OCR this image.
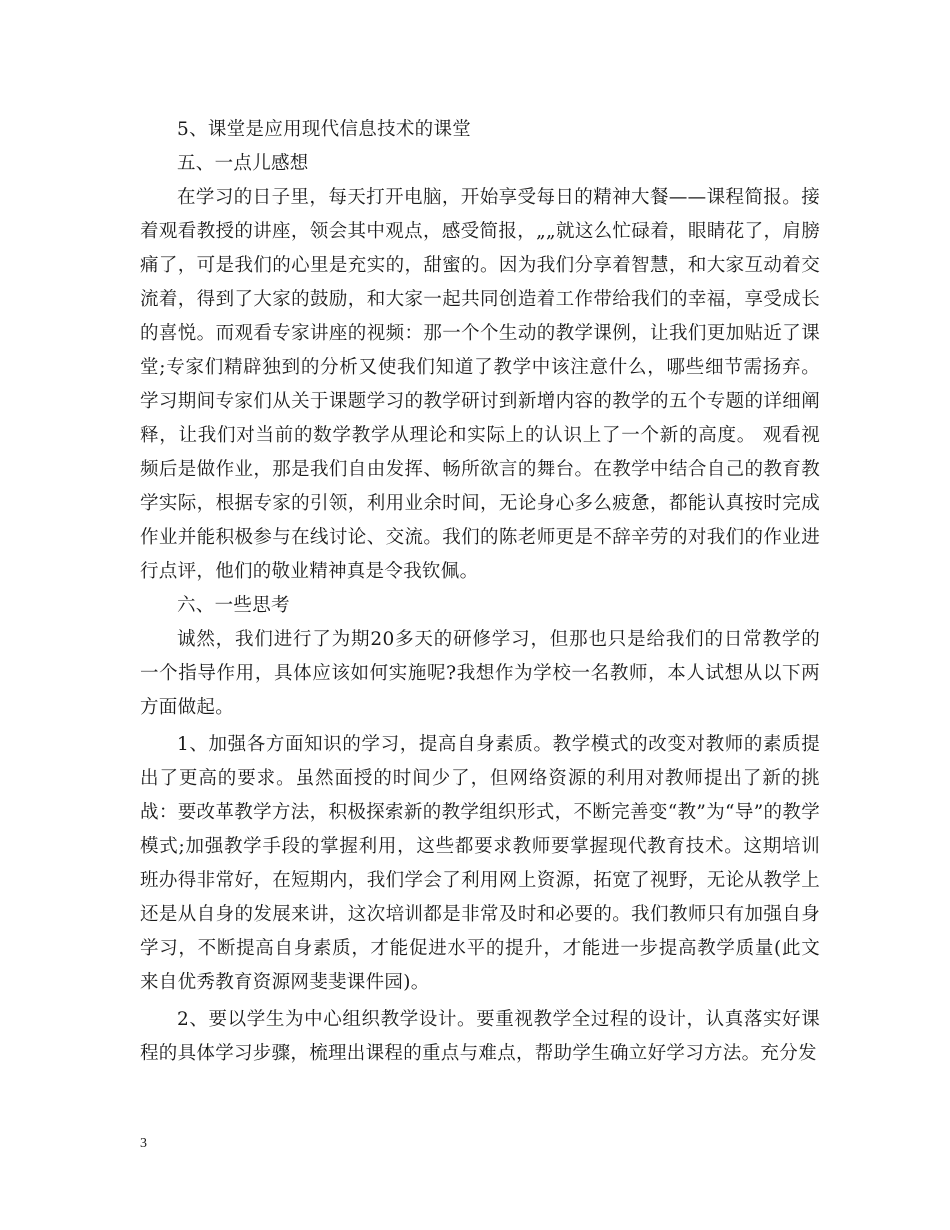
5、课堂是应用现代信息技术的课堂

五、一点儿感想

在学习的日子里，每天打开电脑，开始享受每日的精神大餐——课程简报。接着观看教授的讲座，领会其中观点，感受简报，„„就这么忙碌着，眼睛花了，肩膀痛了，可是我们的心里是充实的，甜蜜的。因为我们分享着智慧，和大家互动着交流着，得到了大家的鼓励，和大家一起共同创造着工作带给我们的幸福，享受成长的喜悦。而观看专家讲座的视频：那一个个生动的教学课例，让我们更加贴近了课堂;专家们精辟独到的分析又使我们知道了教学中该注意什么，哪些细节需扬弃。学习期间专家们从关于课题学习的教学研讨到新增内容的教学的五个专题的详细阐释，让我们对当前的数学教学从理论和实际上的认识上了一个新的高度。 观看视频后是做作业，那是我们自由发挥、畅所欲言的舞台。在教学中结合自己的教育教学实际，根据专家的引领，利用业余时间，无论身心多么疲惫，都能认真按时完成作业并能积极参与在线讨论、交流。我们的陈老师更是不辞辛劳的对我们的作业进行点评，他们的敬业精神真是令我钦佩。

六、一些思考

诚然，我们进行了为期20多天的研修学习，但那也只是给我们的日常教学的一个指导作用，具体应该如何实施呢?我想作为学校一名教师，本人试想从以下两方面做起。

1、加强各方面知识的学习，提高自身素质。教学模式的改变对教师的素质提出了更高的要求。虽然面授的时间少了，但网络资源的利用对教师提出了新的挑战：要改革教学方法，积极探索新的教学组织形式，不断完善变“教”为“导”的教学模式;加强教学手段的掌握利用，这些都要求教师要掌握现代教育技术。这期培训班办得非常好，在短期内，我们学会了利用网上资源，拓宽了视野，无论从教学上还是从自身的发展来讲，这次培训都是非常及时和必要的。我们教师只有加强自身学习，不断提高自身素质，才能促进水平的提升，才能进一步提高教学质量(此文来自优秀教育资源网斐斐课件园)。

2、要以学生为中心组织教学设计。要重视教学全过程的设计，认真落实好课程的具体学习步骤，梳理出课程的重点与难点，帮助学生确立好学习方法。充分发

3
